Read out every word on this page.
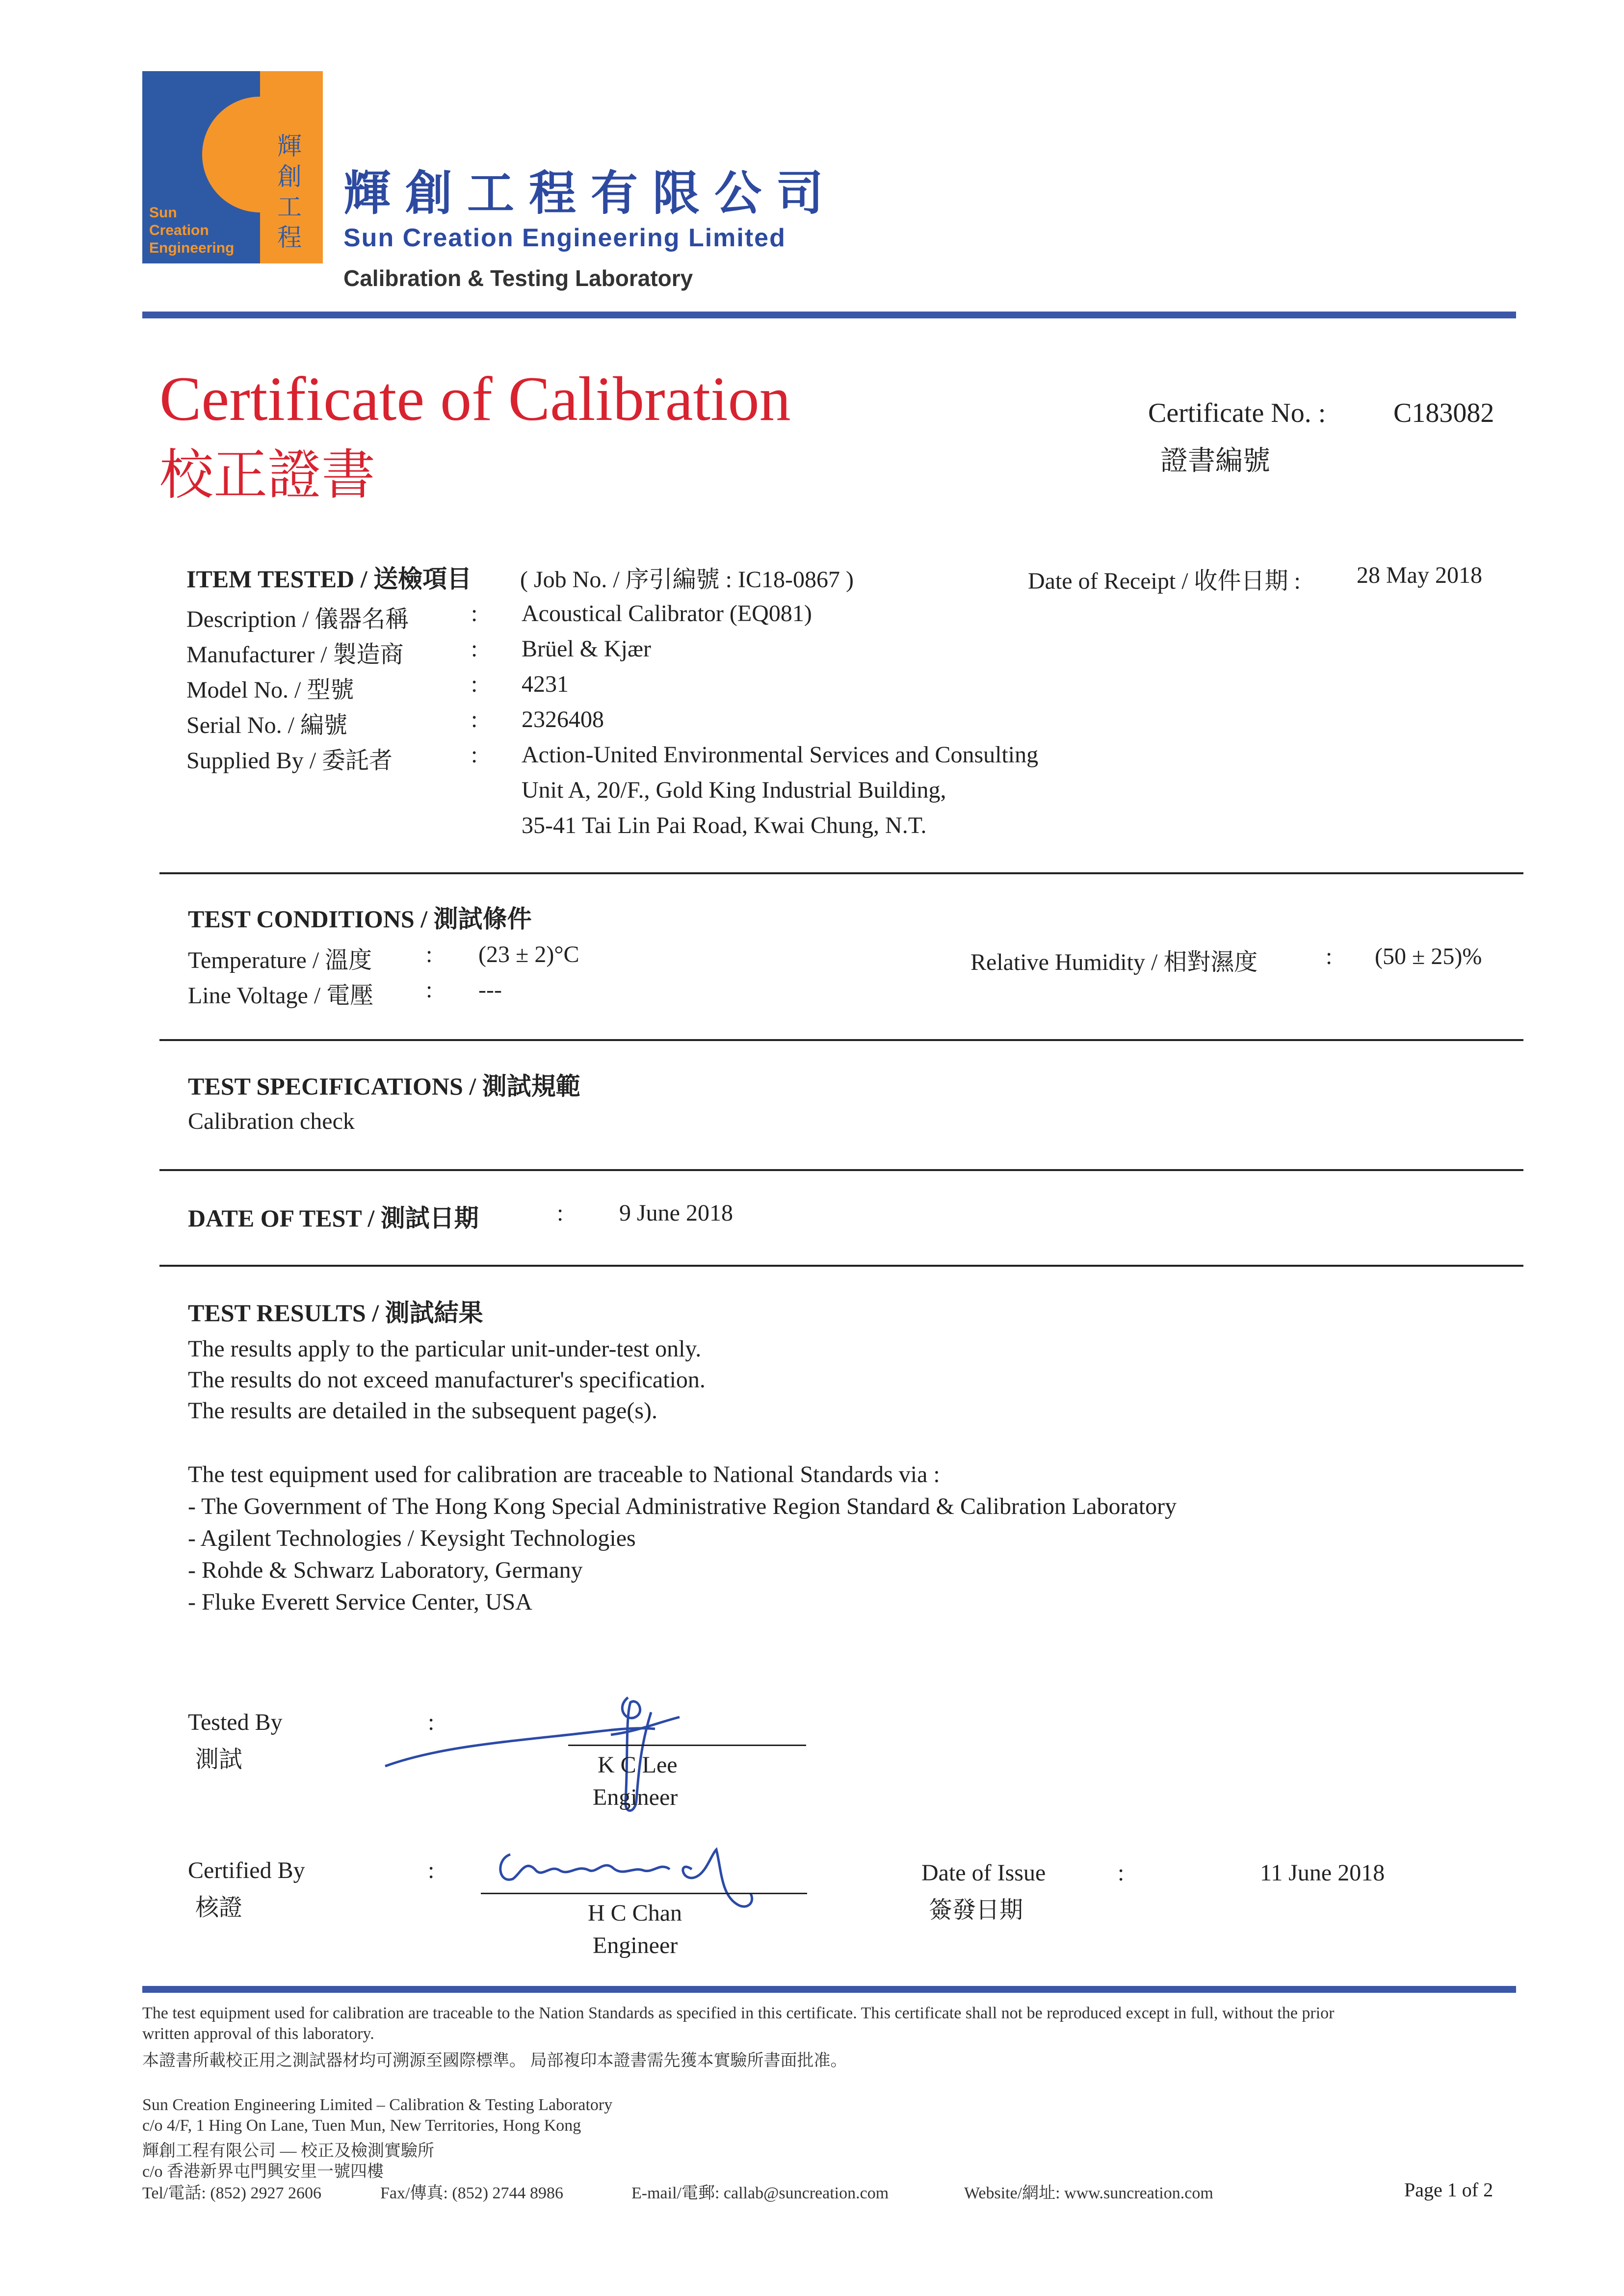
Sun
Creation
Engineering
輝
創
工
程
輝創工程有限公司
Sun Creation Engineering Limited
Calibration & Testing Laboratory
Certificate of Calibration
校正證書
Certificate No. : C183082
證書編號
ITEM TESTED / 送檢項目 ( Job No. / 序引編號 : IC18-0867 )	Date of Receipt / 收件日期 : 28 May 2018
Description / 儀器名稱	: Acoustical Calibrator (EQ081)
Manufacturer / 製造商	: Brüel & Kjær
Model No. / 型號	: 4231
Serial No. / 編號	: 2326408
Supplied By / 委託者	: Action-United Environmental Services and Consulting
Unit A, 20/F., Gold King Industrial Building,
35-41 Tai Lin Pai Road, Kwai Chung, N.T.
TEST CONDITIONS / 測試條件
Temperature / 溫度 : (23 ± 2)°C
Line Voltage / 電壓 : ---
Relative Humidity / 相對濕度	: (50 ± 25)%
TEST SPECIFICATIONS / 測試規範
Calibration check
DATE OF TEST / 測試日期	: 9 June 2018
TEST RESULTS / 測試結果
The results apply to the particular unit-under-test only.
The results do not exceed manufacturer's specification.
The results are detailed in the subsequent page(s).
The test equipment used for calibration are traceable to National Standards via :
- The Government of The Hong Kong Special Administrative Region Standard & Calibration Laboratory
- Agilent Technologies / Keysight Technologies
- Rohde & Schwarz Laboratory, Germany
- Fluke Everett Service Center, USA
Tested By
測試
:
K C Lee
Engineer
Certified By
核證
:
H C Chan
Engineer
Date of Issue
簽發日期
:	11 June 2018
The test equipment used for calibration are traceable to the Nation Standards as specified in this certificate. This certificate shall not be reproduced except in full, without the prior
written approval of this laboratory.
本證書所載校正用之測試器材均可溯源至國際標準。 局部複印本證書需先獲本實驗所書面批准。
Sun Creation Engineering Limited – Calibration & Testing Laboratory
c/o 4/F, 1 Hing On Lane, Tuen Mun, New Territories, Hong Kong
輝創工程有限公司 — 校正及檢測實驗所
c/o 香港新界屯門興安里一號四樓
Tel/電話: (852) 2927 2606	Fax/傳真: (852) 2744 8986	E-mail/電郵: callab@suncreation.com	Website/網址: www.suncreation.com	Page 1 of 2
